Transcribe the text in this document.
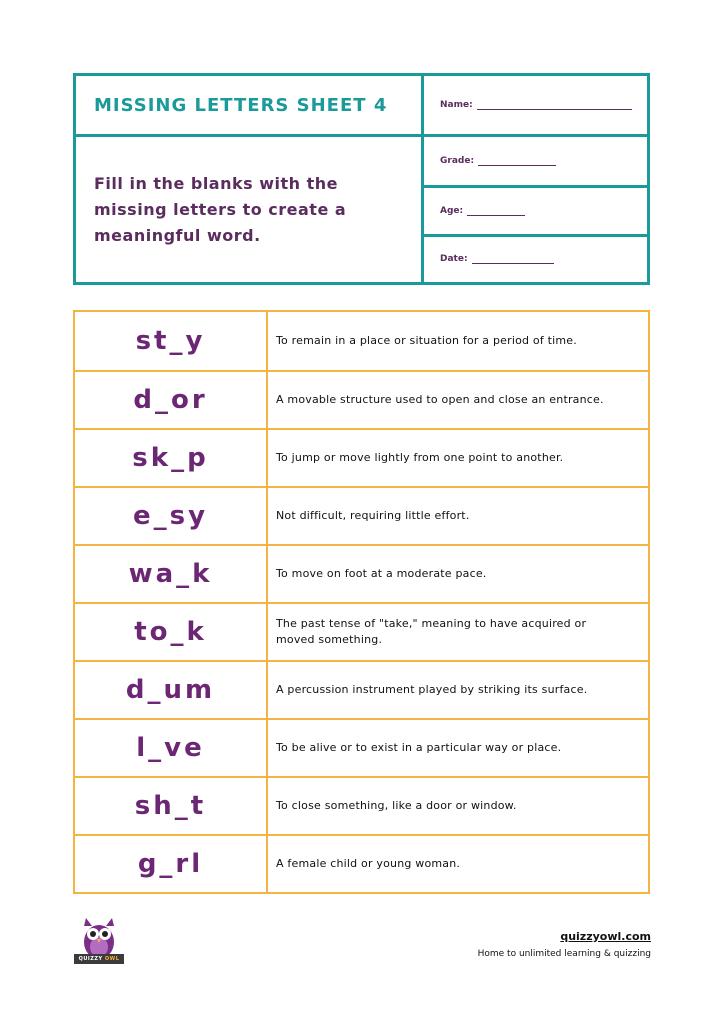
MISSING LETTERS SHEET 4	Name:
Fill in the blanks with the missing letters to create a meaningful word.
Grade:
Age:
Date:
st_y	To remain in a place or situation for a period of time.
d_or	A movable structure used to open and close an entrance.
sk_p	To jump or move lightly from one point to another.
e_sy	Not difficult, requiring little effort.
wa_k	To move on foot at a moderate pace.
to_k	The past tense of "take," meaning to have acquired or moved something.
d_um	A percussion instrument played by striking its surface.
l_ve	To be alive or to exist in a particular way or place.
sh_t	To close something, like a door or window.
g_rl	A female child or young woman.
QUIZZY
OWL
quizzyowl.com
Home to unlimited learning & quizzing
